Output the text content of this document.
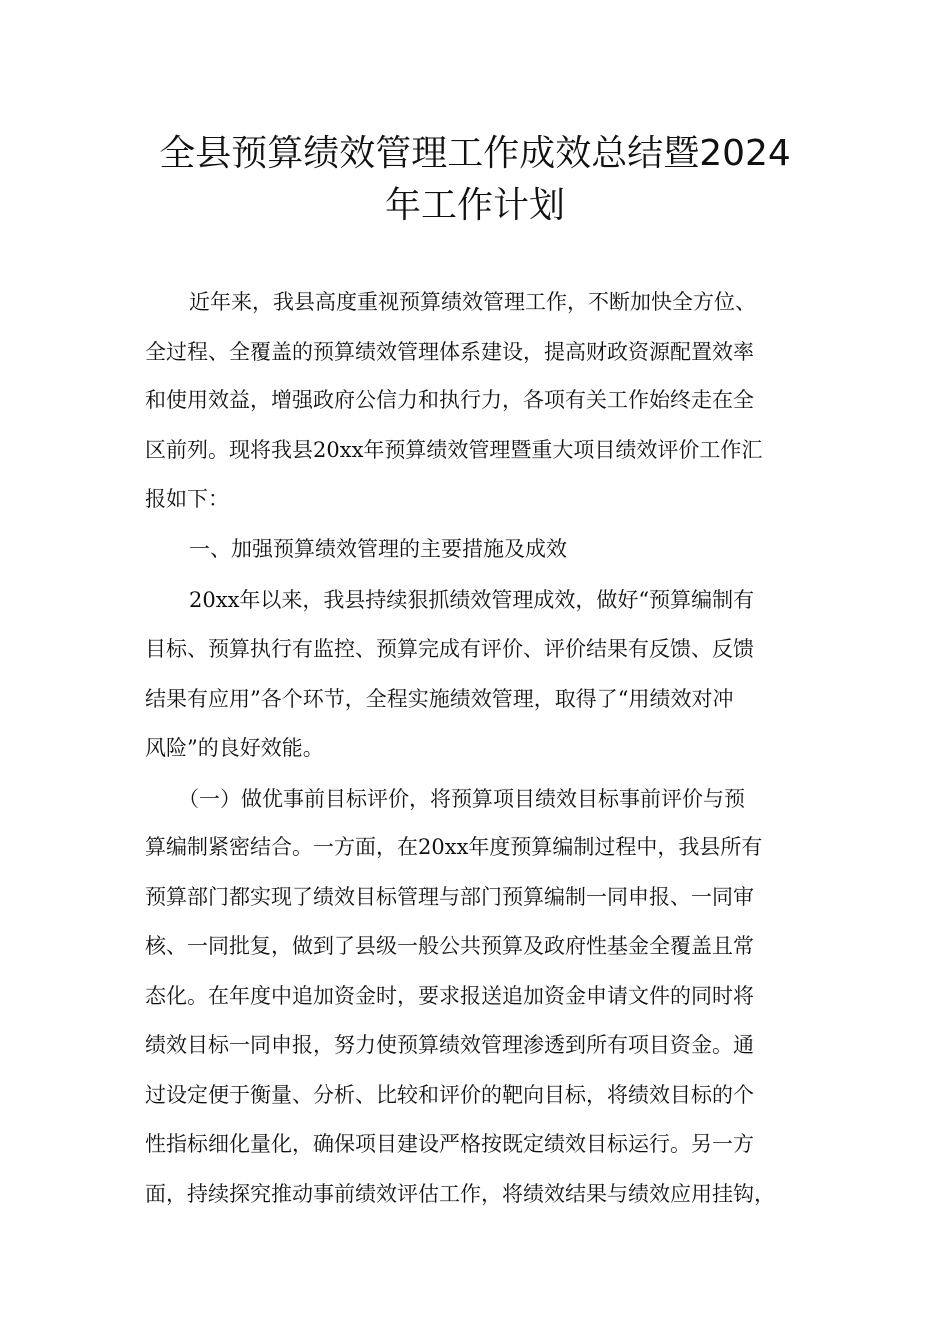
全县预算绩效管理工作成效总结暨2024
年工作计划

近年来，我县高度重视预算绩效管理工作，不断加快全方位、

全过程、全覆盖的预算绩效管理体系建设，提高财政资源配置效率

和使用效益，增强政府公信力和执行力，各项有关工作始终走在全

区前列。现将我县20xx年预算绩效管理暨重大项目绩效评价工作汇

报如下：

一、加强预算绩效管理的主要措施及成效

20xx年以来，我县持续狠抓绩效管理成效，做好“预算编制有

目标、预算执行有监控、预算完成有评价、评价结果有反馈、反馈

结果有应用”各个环节，全程实施绩效管理，取得了“用绩效对冲

风险”的良好效能。

（一）做优事前目标评价，将预算项目绩效目标事前评价与预

算编制紧密结合。一方面，在20xx年度预算编制过程中，我县所有

预算部门都实现了绩效目标管理与部门预算编制一同申报、一同审

核、一同批复，做到了县级一般公共预算及政府性基金全覆盖且常

态化。在年度中追加资金时，要求报送追加资金申请文件的同时将

绩效目标一同申报，努力使预算绩效管理渗透到所有项目资金。通

过设定便于衡量、分析、比较和评价的靶向目标，将绩效目标的个

性指标细化量化，确保项目建设严格按既定绩效目标运行。另一方

面，持续探究推动事前绩效评估工作，将绩效结果与绩效应用挂钩，
